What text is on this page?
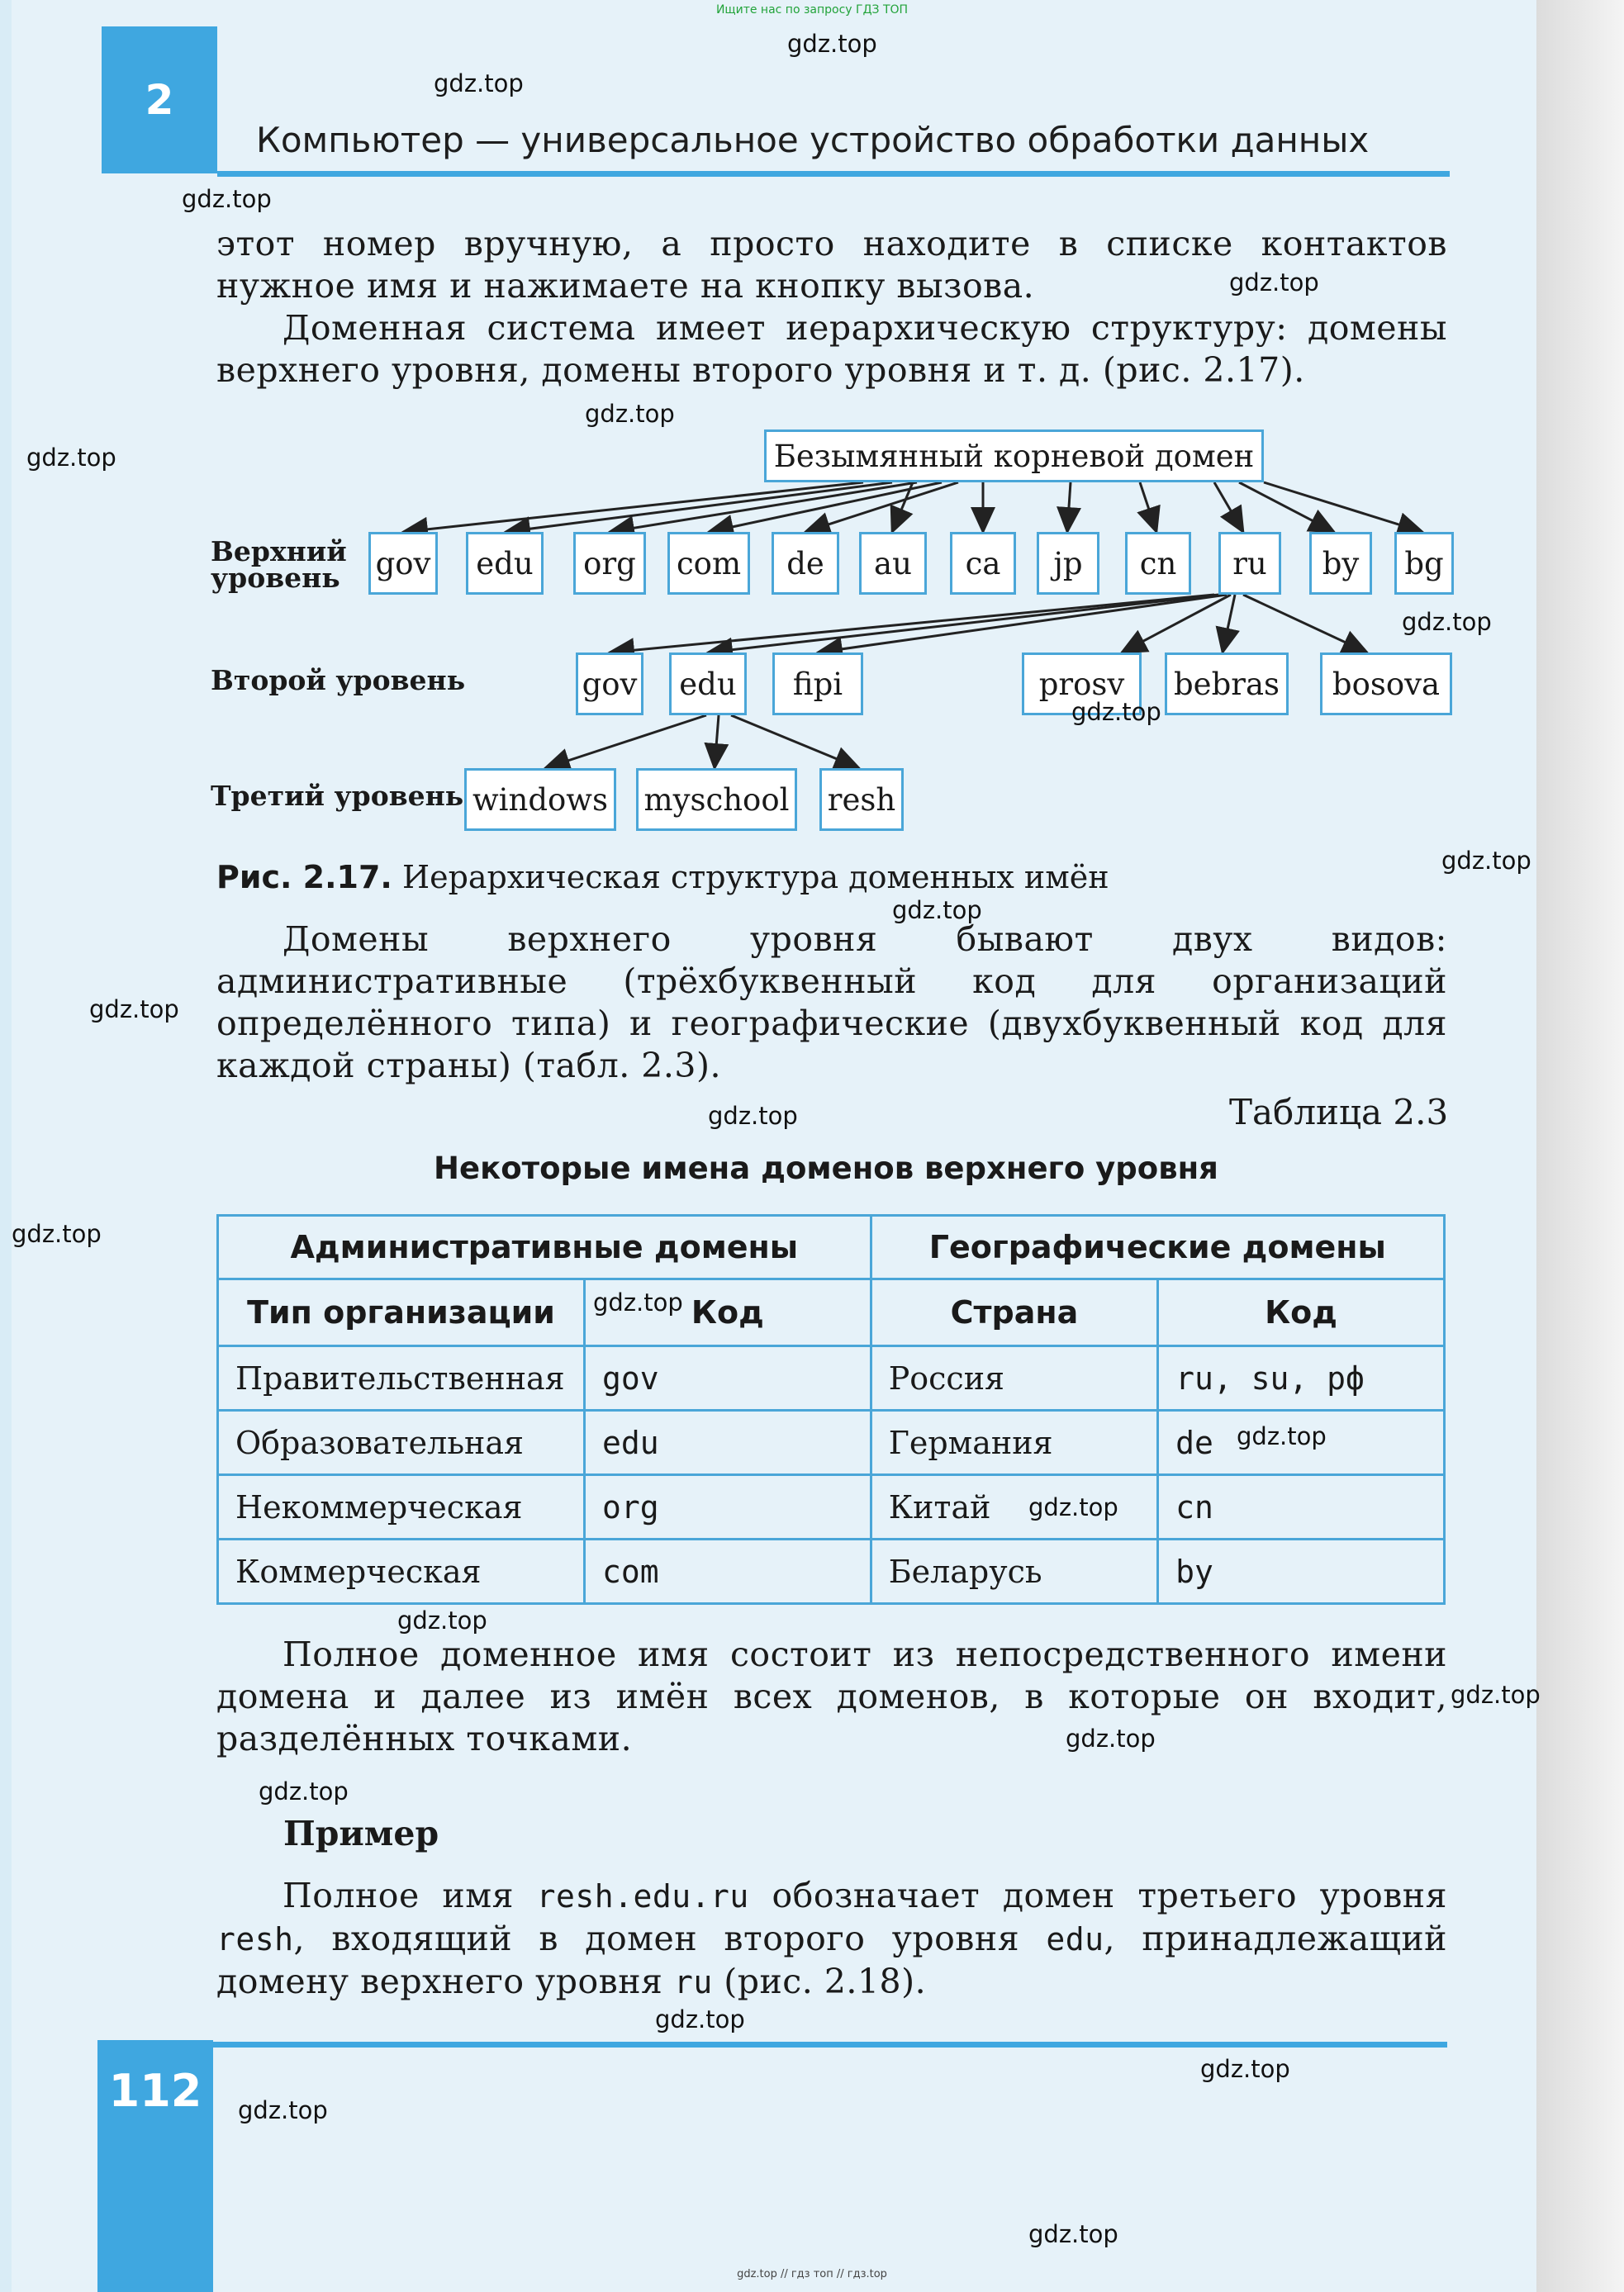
Ищите нас по запросу ГДЗ ТОП
2
Компьютер — универсальное устройство обработки данных

этот номер вручную, а просто находите в списке контактов нужное имя и нажимаете на кнопку вызова.

Доменная система имеет иерархическую структуру: домены верхнего уровня, домены второго уровня и т. д. (рис. 2.17).

Безымянный корневой домен
Верхний
уровень
Второй уровень
Третий уровень
gov	edu	org	com	de	au	ca	jp	cn	ru	by	bg
gov	edu	fipi	prosv	bebras	bosova
windows myschool resh
Рис. 2.17. Иерархическая структура доменных имён

Домены верхнего уровня бывают двух видов: административные (трёхбуквенный код для организаций определённого типа) и географические (двухбуквенный код для каждой страны) (табл. 2.3).

Таблица 2.3
Некоторые имена доменов верхнего уровня
Административные домены		Географические домены	
Тип организации	Код	Страна	Код
Правительственная	gov	Россия	ru, su, рф
Образовательная	edu	Германия	de
Некоммерческая	org	Китай	cn
Коммерческая	com	Беларусь	by

Полное доменное имя состоит из непосредственного имени домена и далее из имён всех доменов, в которые он входит, разделённых точками.

Пример

Полное имя resh.edu.ru обозначает домен третьего уровня resh, входящий в домен второго уровня edu, принадлежащий домену верхнего уровня ru (рис. 2.18).

112
gdz.top
gdz.top
gdz.top
gdz.top
gdz.top
gdz.top
gdz.top
gdz.top
gdz.top
gdz.top
gdz.top
gdz.top
gdz.top
gdz.top
gdz.top
gdz.top
gdz.top
gdz.top
gdz.top
gdz.top
gdz.top
gdz.top
gdz.top
gdz.top
gdz.top // гдз топ // гдз.top
